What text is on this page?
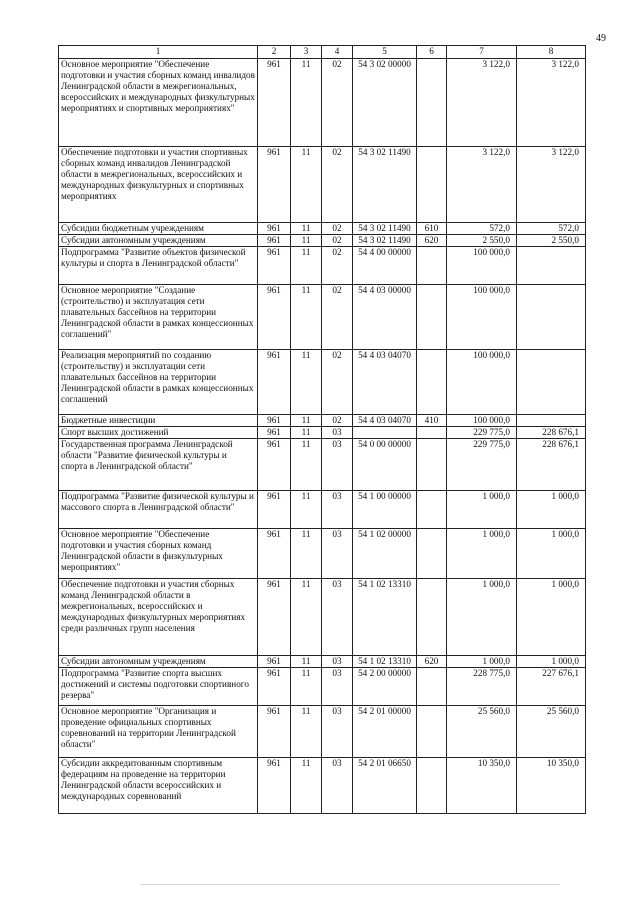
49
1	2	3	4	5	6	7	8
Основное мероприятие "Обеспечение подготовки и участия сборных команд инвалидов Ленинградской области в межрегиональных, всероссийских и международных физкультурных мероприятиях и спортивных мероприятиях"	961	11	02	54 3 02 00000		3 122,0	3 122,0
Обеспечение подготовки и участия спортивных сборных команд инвалидов Ленинградской области в межрегиональных, всероссийских и международных физкультурных и спортивных мероприятиях	961	11	02	54 3 02 11490		3 122,0	3 122,0
Субсидии бюджетным учреждениям	961	11	02	54 3 02 11490	610	572,0	572,0
Субсидии автономным учреждениям	961	11	02	54 3 02 11490	620	2 550,0	2 550,0
Подпрограмма "Развитие объектов физической культуры и спорта в Ленинградской области"	961	11	02	54 4 00 00000		100 000,0	
Основное мероприятие "Создание (строительство) и эксплуатация сети плавательных бассейнов на территории Ленинградской области в рамках концессионных соглашений"	961	11	02	54 4 03 00000		100 000,0	
Реализация мероприятий по созданию (строительству) и эксплуатации сети плавательных бассейнов на территории Ленинградской области в рамках концессионных соглашений	961	11	02	54 4 03 04070		100 000,0	
Бюджетные инвестиции	961	11	02	54 4 03 04070	410	100 000,0	
Спорт высших достижений	961	11	03			229 775,0	228 676,1
Государственная программа Ленинградской области "Развитие физической культуры и спорта в Ленинградской области"	961	11	03	54 0 00 00000		229 775,0	228 676,1
Подпрограмма "Развитие физической культуры и массового спорта в Ленинградской области"	961	11	03	54 1 00 00000		1 000,0	1 000,0
Основное мероприятие "Обеспечение подготовки и участия сборных команд Ленинградской области в физкультурных мероприятиях"	961	11	03	54 1 02 00000		1 000,0	1 000,0
Обеспечение подготовки и участия сборных команд Ленинградской области в межрегиональных, всероссийских и международных физкультурных мероприятиях среди различных групп населения	961	11	03	54 1 02 13310		1 000,0	1 000,0
Субсидии автономным учреждениям	961	11	03	54 1 02 13310	620	1 000,0	1 000,0
Подпрограмма "Развитие спорта высших достижений и системы подготовки спортивного резерва"	961	11	03	54 2 00 00000		228 775,0	227 676,1
Основное мероприятие "Организация и проведение официальных спортивных соревнований на территории Ленинградской области"	961	11	03	54 2 01 00000		25 560,0	25 560,0
Субсидии аккредитованным спортивным федерациям на проведение на территории Ленинградской области всероссийских и международных соревнований	961	11	03	54 2 01 06650		10 350,0	10 350,0
